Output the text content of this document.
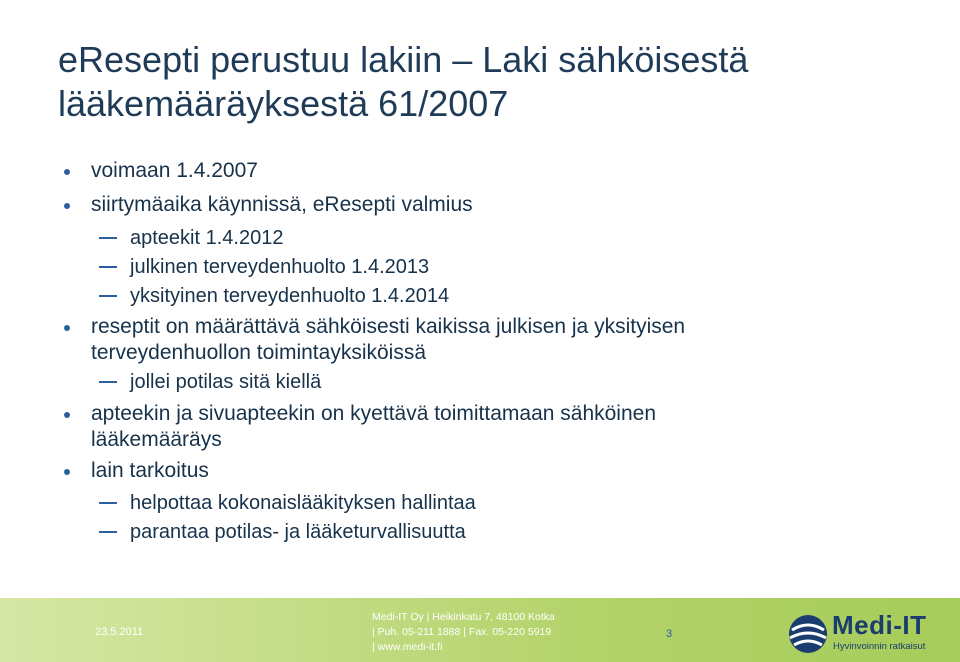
eResepti perustuu lakiin – Laki sähköisestä
lääkemääräyksestä 61/2007
voimaan 1.4.2007
siirtymäaika käynnissä, eResepti valmius
apteekit 1.4.2012
julkinen terveydenhuolto 1.4.2013
yksityinen terveydenhuolto 1.4.2014
reseptit on määrättävä sähköisesti kaikissa julkisen ja yksityisen
terveydenhuollon toimintayksiköissä
jollei potilas sitä kiellä
apteekin ja sivuapteekin on kyettävä toimittamaan sähköinen
lääkemääräys
lain tarkoitus
helpottaa kokonaislääkityksen hallintaa
parantaa potilas- ja lääketurvallisuutta
23.5.2011
Medi-IT Oy | Heikinkatu 7, 48100 Kotka
| Puh. 05-211 1888 | Fax. 05-220 5919
| www.medi-it.fi
3	Medi-IT
Hyvinvoinnin ratkaisut
